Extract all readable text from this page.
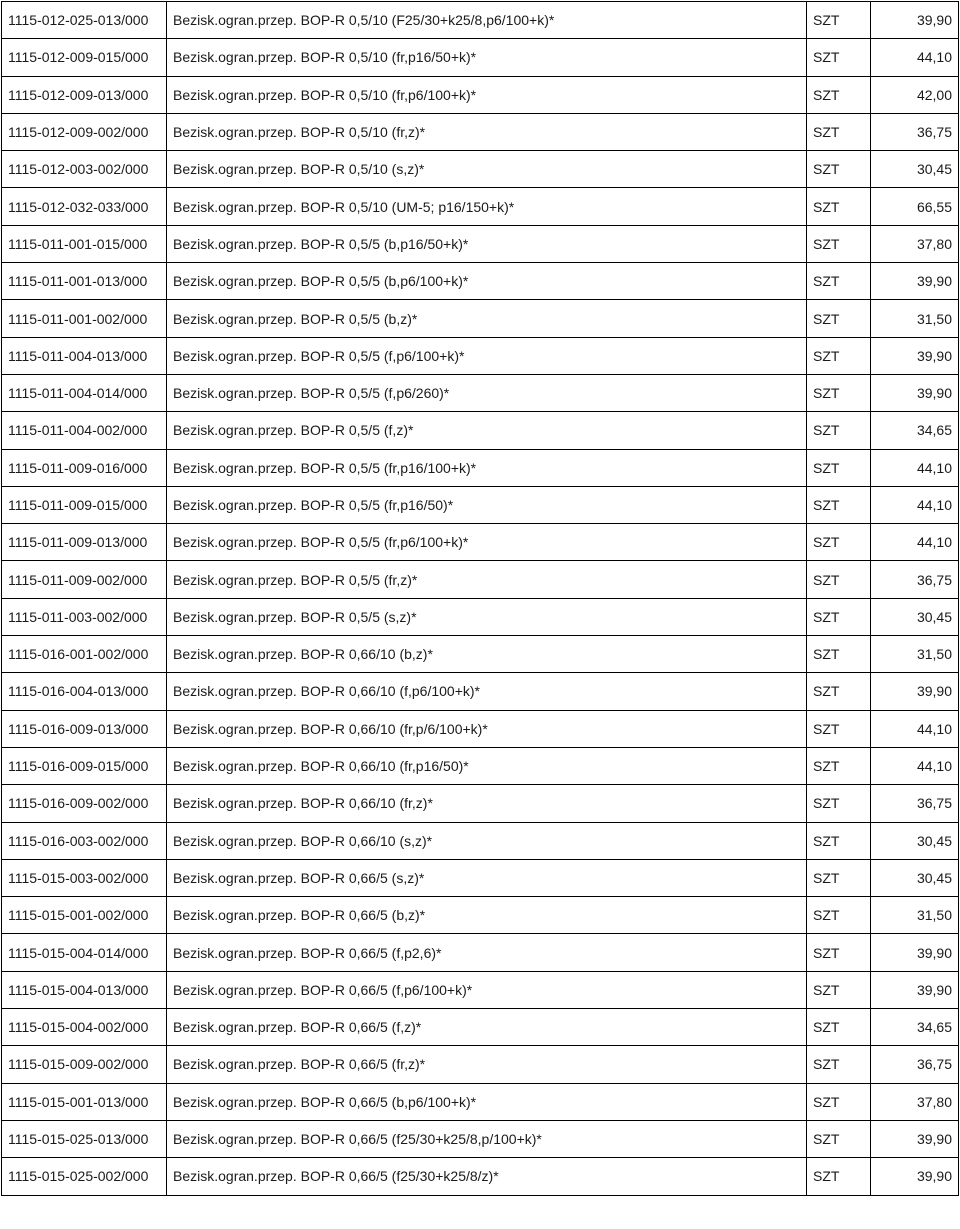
1115-012-025-013/000	Bezisk.ogran.przep. BOP-R 0,5/10 (F25/30+k25/8,p6/100+k)*	SZT	39,90
1115-012-009-015/000	Bezisk.ogran.przep. BOP-R 0,5/10 (fr,p16/50+k)*	SZT	44,10
1115-012-009-013/000	Bezisk.ogran.przep. BOP-R 0,5/10 (fr,p6/100+k)*	SZT	42,00
1115-012-009-002/000	Bezisk.ogran.przep. BOP-R 0,5/10 (fr,z)*	SZT	36,75
1115-012-003-002/000	Bezisk.ogran.przep. BOP-R 0,5/10 (s,z)*	SZT	30,45
1115-012-032-033/000	Bezisk.ogran.przep. BOP-R 0,5/10 (UM-5; p16/150+k)*	SZT	66,55
1115-011-001-015/000	Bezisk.ogran.przep. BOP-R 0,5/5 (b,p16/50+k)*	SZT	37,80
1115-011-001-013/000	Bezisk.ogran.przep. BOP-R 0,5/5 (b,p6/100+k)*	SZT	39,90
1115-011-001-002/000	Bezisk.ogran.przep. BOP-R 0,5/5 (b,z)*	SZT	31,50
1115-011-004-013/000	Bezisk.ogran.przep. BOP-R 0,5/5 (f,p6/100+k)*	SZT	39,90
1115-011-004-014/000	Bezisk.ogran.przep. BOP-R 0,5/5 (f,p6/260)*	SZT	39,90
1115-011-004-002/000	Bezisk.ogran.przep. BOP-R 0,5/5 (f,z)*	SZT	34,65
1115-011-009-016/000	Bezisk.ogran.przep. BOP-R 0,5/5 (fr,p16/100+k)*	SZT	44,10
1115-011-009-015/000	Bezisk.ogran.przep. BOP-R 0,5/5 (fr,p16/50)*	SZT	44,10
1115-011-009-013/000	Bezisk.ogran.przep. BOP-R 0,5/5 (fr,p6/100+k)*	SZT	44,10
1115-011-009-002/000	Bezisk.ogran.przep. BOP-R 0,5/5 (fr,z)*	SZT	36,75
1115-011-003-002/000	Bezisk.ogran.przep. BOP-R 0,5/5 (s,z)*	SZT	30,45
1115-016-001-002/000	Bezisk.ogran.przep. BOP-R 0,66/10 (b,z)*	SZT	31,50
1115-016-004-013/000	Bezisk.ogran.przep. BOP-R 0,66/10 (f,p6/100+k)*	SZT	39,90
1115-016-009-013/000	Bezisk.ogran.przep. BOP-R 0,66/10 (fr,p/6/100+k)*	SZT	44,10
1115-016-009-015/000	Bezisk.ogran.przep. BOP-R 0,66/10 (fr,p16/50)*	SZT	44,10
1115-016-009-002/000	Bezisk.ogran.przep. BOP-R 0,66/10 (fr,z)*	SZT	36,75
1115-016-003-002/000	Bezisk.ogran.przep. BOP-R 0,66/10 (s,z)*	SZT	30,45
1115-015-003-002/000	Bezisk.ogran.przep. BOP-R 0,66/5 (s,z)*	SZT	30,45
1115-015-001-002/000	Bezisk.ogran.przep. BOP-R 0,66/5 (b,z)*	SZT	31,50
1115-015-004-014/000	Bezisk.ogran.przep. BOP-R 0,66/5 (f,p2,6)*	SZT	39,90
1115-015-004-013/000	Bezisk.ogran.przep. BOP-R 0,66/5 (f,p6/100+k)*	SZT	39,90
1115-015-004-002/000	Bezisk.ogran.przep. BOP-R 0,66/5 (f,z)*	SZT	34,65
1115-015-009-002/000	Bezisk.ogran.przep. BOP-R 0,66/5 (fr,z)*	SZT	36,75
1115-015-001-013/000	Bezisk.ogran.przep. BOP-R 0,66/5 (b,p6/100+k)*	SZT	37,80
1115-015-025-013/000	Bezisk.ogran.przep. BOP-R 0,66/5 (f25/30+k25/8,p/100+k)*	SZT	39,90
1115-015-025-002/000	Bezisk.ogran.przep. BOP-R 0,66/5 (f25/30+k25/8/z)*	SZT	39,90
